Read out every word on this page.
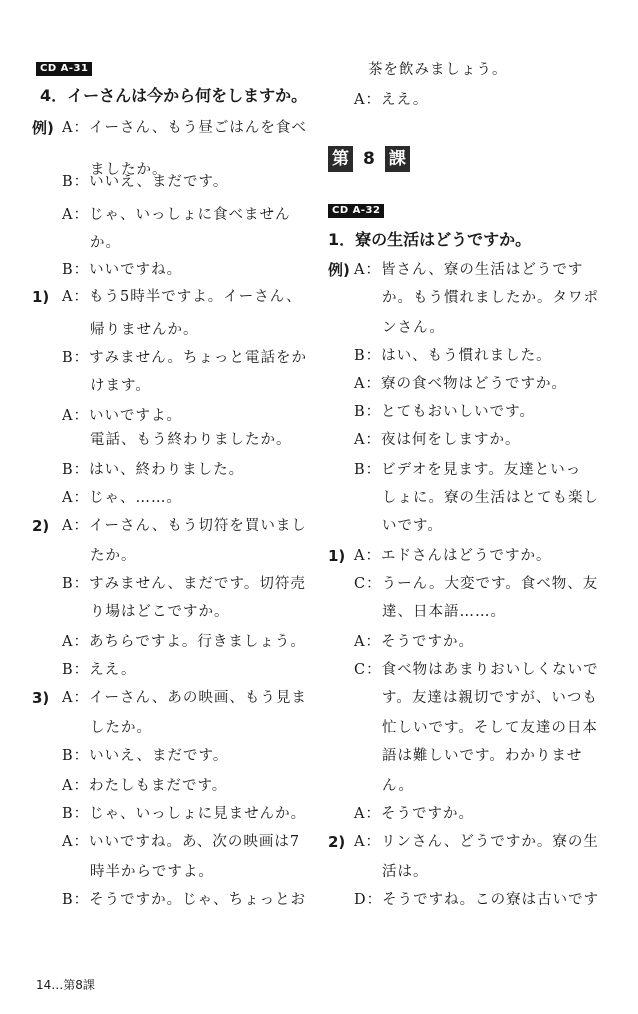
CD A-31
4．イーさんは今から何をしますか。
例) A：イーさん、もう昼ごはんを食べ
ましたか。
B：いいえ、まだです。
A：じゃ、いっしょに食べません
か。
B：いいですね。
1) A：もう5時半ですよ。イーさん、
帰りませんか。
B：すみません。ちょっと電話をか
けます。
A：いいですよ。
電話、もう終わりましたか。
B：はい、終わりました。
A：じゃ、……。
2) A：イーさん、もう切符を買いまし
たか。
B：すみません、まだです。切符売
り場はどこですか。
A：あちらですよ。行きましょう。
B：ええ。
3) A：イーさん、あの映画、もう見ま
したか。
B：いいえ、まだです。
A：わたしもまだです。
B：じゃ、いっしょに見ませんか。
A：いいですね。あ、次の映画は7
時半からですよ。
B：そうですか。じゃ、ちょっとお
茶を飲みましょう。
A：ええ。
第 8 課
CD A-32
1．寮の生活はどうですか。
例) A：皆さん、寮の生活はどうです
か。もう慣れましたか。タワポ
ンさん。
B：はい、もう慣れました。
A：寮の食べ物はどうですか。
B：とてもおいしいです。
A：夜は何をしますか。
B：ビデオを見ます。友達といっ
しょに。寮の生活はとても楽し
いです。
1) A：エドさんはどうですか。
C：うーん。大変です。食べ物、友
達、日本語……。
A：そうですか。
C：食べ物はあまりおいしくないで
す。友達は親切ですが、いつも
忙しいです。そして友達の日本
語は難しいです。わかりませ
ん。
A：そうですか。
2) A：リンさん、どうですか。寮の生
活は。
D：そうですね。この寮は古いです
14…第8課
